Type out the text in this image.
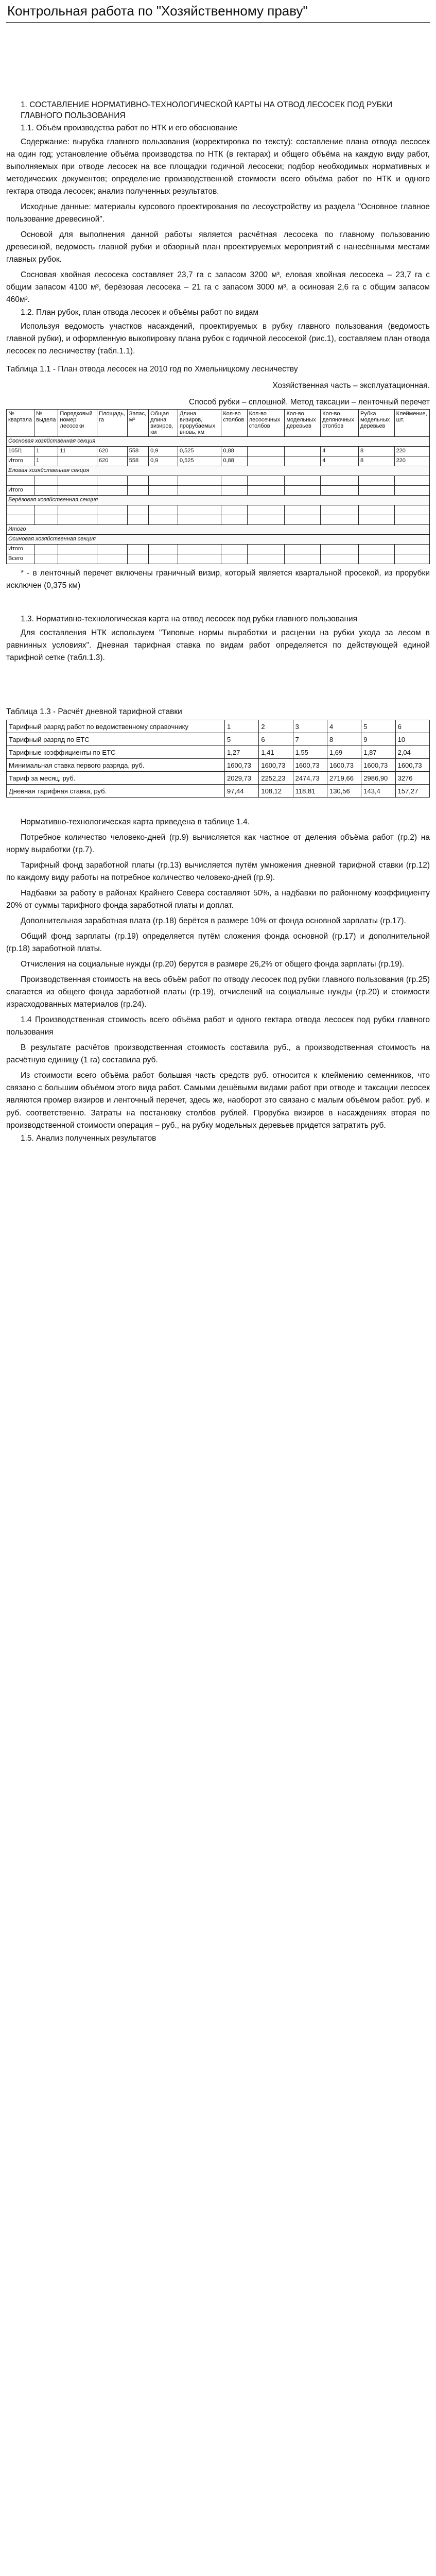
Контрольная работа по "Хозяйственному праву"
1. СОСТАВЛЕНИЕ НОРМАТИВНО-ТЕХНОЛОГИЧЕСКОЙ КАРТЫ НА ОТВОД ЛЕСОСЕК ПОД РУБКИ ГЛАВНОГО ПОЛЬЗОВАНИЯ
1.1. Объём производства работ по НТК и его обоснование

Содержание: вырубка главного пользования (корректировка по тексту): составление плана отвода лесосек на один год; установление объёма производства по НТК (в гектарах) и общего объёма на каждую виду работ, выполняемых при отводе лесосек на все площадки годичной лесосеки; подбор необходимых нормативных и методических документов; определение производственной стоимости всего объёма работ по НТК и одного гектара отвода лесосек; анализ полученных результатов.

Исходные данные: материалы курсового проектирования по лесоустройству из раздела "Основное главное пользование древесиной".

Основой для выполнения данной работы является расчётная лесосека по главному пользованию древесиной, ведомость главной рубки и обзорный план проектируемых мероприятий с нанесёнными местами главных рубок.

Сосновая хвойная лесосека составляет 23,7 га с запасом 3200 м³, еловая хвойная лесосека – 23,7 га с общим запасом 4100 м³, берёзовая лесосека – 21 га с запасом 3000 м³, а осиновая 2,6 га с общим запасом 460м³.

1.2. План рубок, план отвода лесосек и объёмы работ по видам

Используя ведомость участков насаждений, проектируемых в рубку главного пользования (ведомость главной рубки), и оформленную выкопировку плана рубок с годичной лесосекой (рис.1), составляем план отвода лесосек по лесничеству (табл.1.1).

Таблица 1.1 - План отвода лесосек на 2010 год по Хмельницкому лесничеству
Хозяйственная часть – эксплуатационная.
Способ рубки – сплошной. Метод таксации – ленточный перечет
№ квартала	№ выдела	Порядковый номер лесосеки	Площадь, га	Запас, м³	Общая длина визиров, км	Длина визиров, прорубаемых вновь, км	Кол-во столбов	Кол-во лесосечных столбов	Кол-во модельных деревьев	Кол-во деляночных столбов	Рубка модельных деревьев	Клеймение, шт.
Сосновая хозяйственная секция												
105/1	1	11	620	558	0,9	0,525	0,88			4	8	220
Итого	1		620	558	0,9	0,525	0,88			4	8	220
Еловая хозяйственная секция												

Итого												
Берёзовая хозяйственная секция												

Итого												
Осиновая хозяйственная секция												
Итого												
Всего												

* - в ленточный перечет включены граничный визир, который является квартальной просекой, из прорубки исключен (0,375 км)

1.3. Нормативно-технологическая карта на отвод лесосек под рубки главного пользования

Для составления НТК используем "Типовые нормы выработки и расценки на рубки ухода за лесом в равнинных условиях". Дневная тарифная ставка по видам работ определяется по действующей единой тарифной сетке (табл.1.3).

Таблица 1.3 - Расчёт дневной тарифной ставки
Тарифный разряд работ по ведомственному справочнику	1	2	3	4	5	6
Тарифный разряд по ЕТС	5	6	7	8	9	10
Тарифные коэффициенты по ЕТС	1,27	1,41	1,55	1,69	1,87	2,04
Минимальная ставка первого разряда, руб.	1600,73	1600,73	1600,73	1600,73	1600,73	1600,73
Тариф за месяц, руб.	2029,73	2252,23	2474,73	2719,66	2986,90	3276
Дневная тарифная ставка, руб.	97,44	108,12	118,81	130,56	143,4	157,27

Нормативно-технологическая карта приведена в таблице 1.4.

Потребное количество человеко-дней (гр.9) вычисляется как частное от деления объёма работ (гр.2) на норму выработки (гр.7).

Тарифный фонд заработной платы (гр.13) вычисляется путём умножения дневной тарифной ставки (гр.12) по каждому виду работы на потребное количество человеко-дней (гр.9).

Надбавки за работу в районах Крайнего Севера составляют 50%, а надбавки по районному коэффициенту 20% от суммы тарифного фонда заработной платы и доплат.

Дополнительная заработная плата (гр.18) берётся в размере 10% от фонда основной зарплаты (гр.17).

Общий фонд зарплаты (гр.19) определяется путём сложения фонда основной (гр.17) и дополнительной (гр.18) заработной платы.

Отчисления на социальные нужды (гр.20) берутся в размере 26,2% от общего фонда зарплаты (гр.19).

Производственная стоимость на весь объём работ по отводу лесосек под рубки главного пользования (гр.25) слагается из общего фонда заработной платы (гр.19), отчислений на социальные нужды (гр.20) и стоимости израсходованных материалов (гр.24).

1.4 Производственная стоимость всего объёма работ и одного гектара отвода лесосек под рубки главного пользования

В результате расчётов производственная стоимость составила руб., а производственная стоимость на расчётную единицу (1 га) составила руб.

Из стоимости всего объёма работ большая часть средств руб. относится к клеймению семенников, что связано с большим объёмом этого вида работ. Самыми дешёвыми видами работ при отводе и таксации лесосек являются промер визиров и ленточный перечет, здесь же, наоборот это связано с малым объёмом работ. руб. и руб. соответственно. Затраты на постановку столбов рублей. Прорубка визиров в насаждениях вторая по производственной стоимости операция – руб., на рубку модельных деревьев придется затратить руб.

1.5. Анализ полученных результатов
